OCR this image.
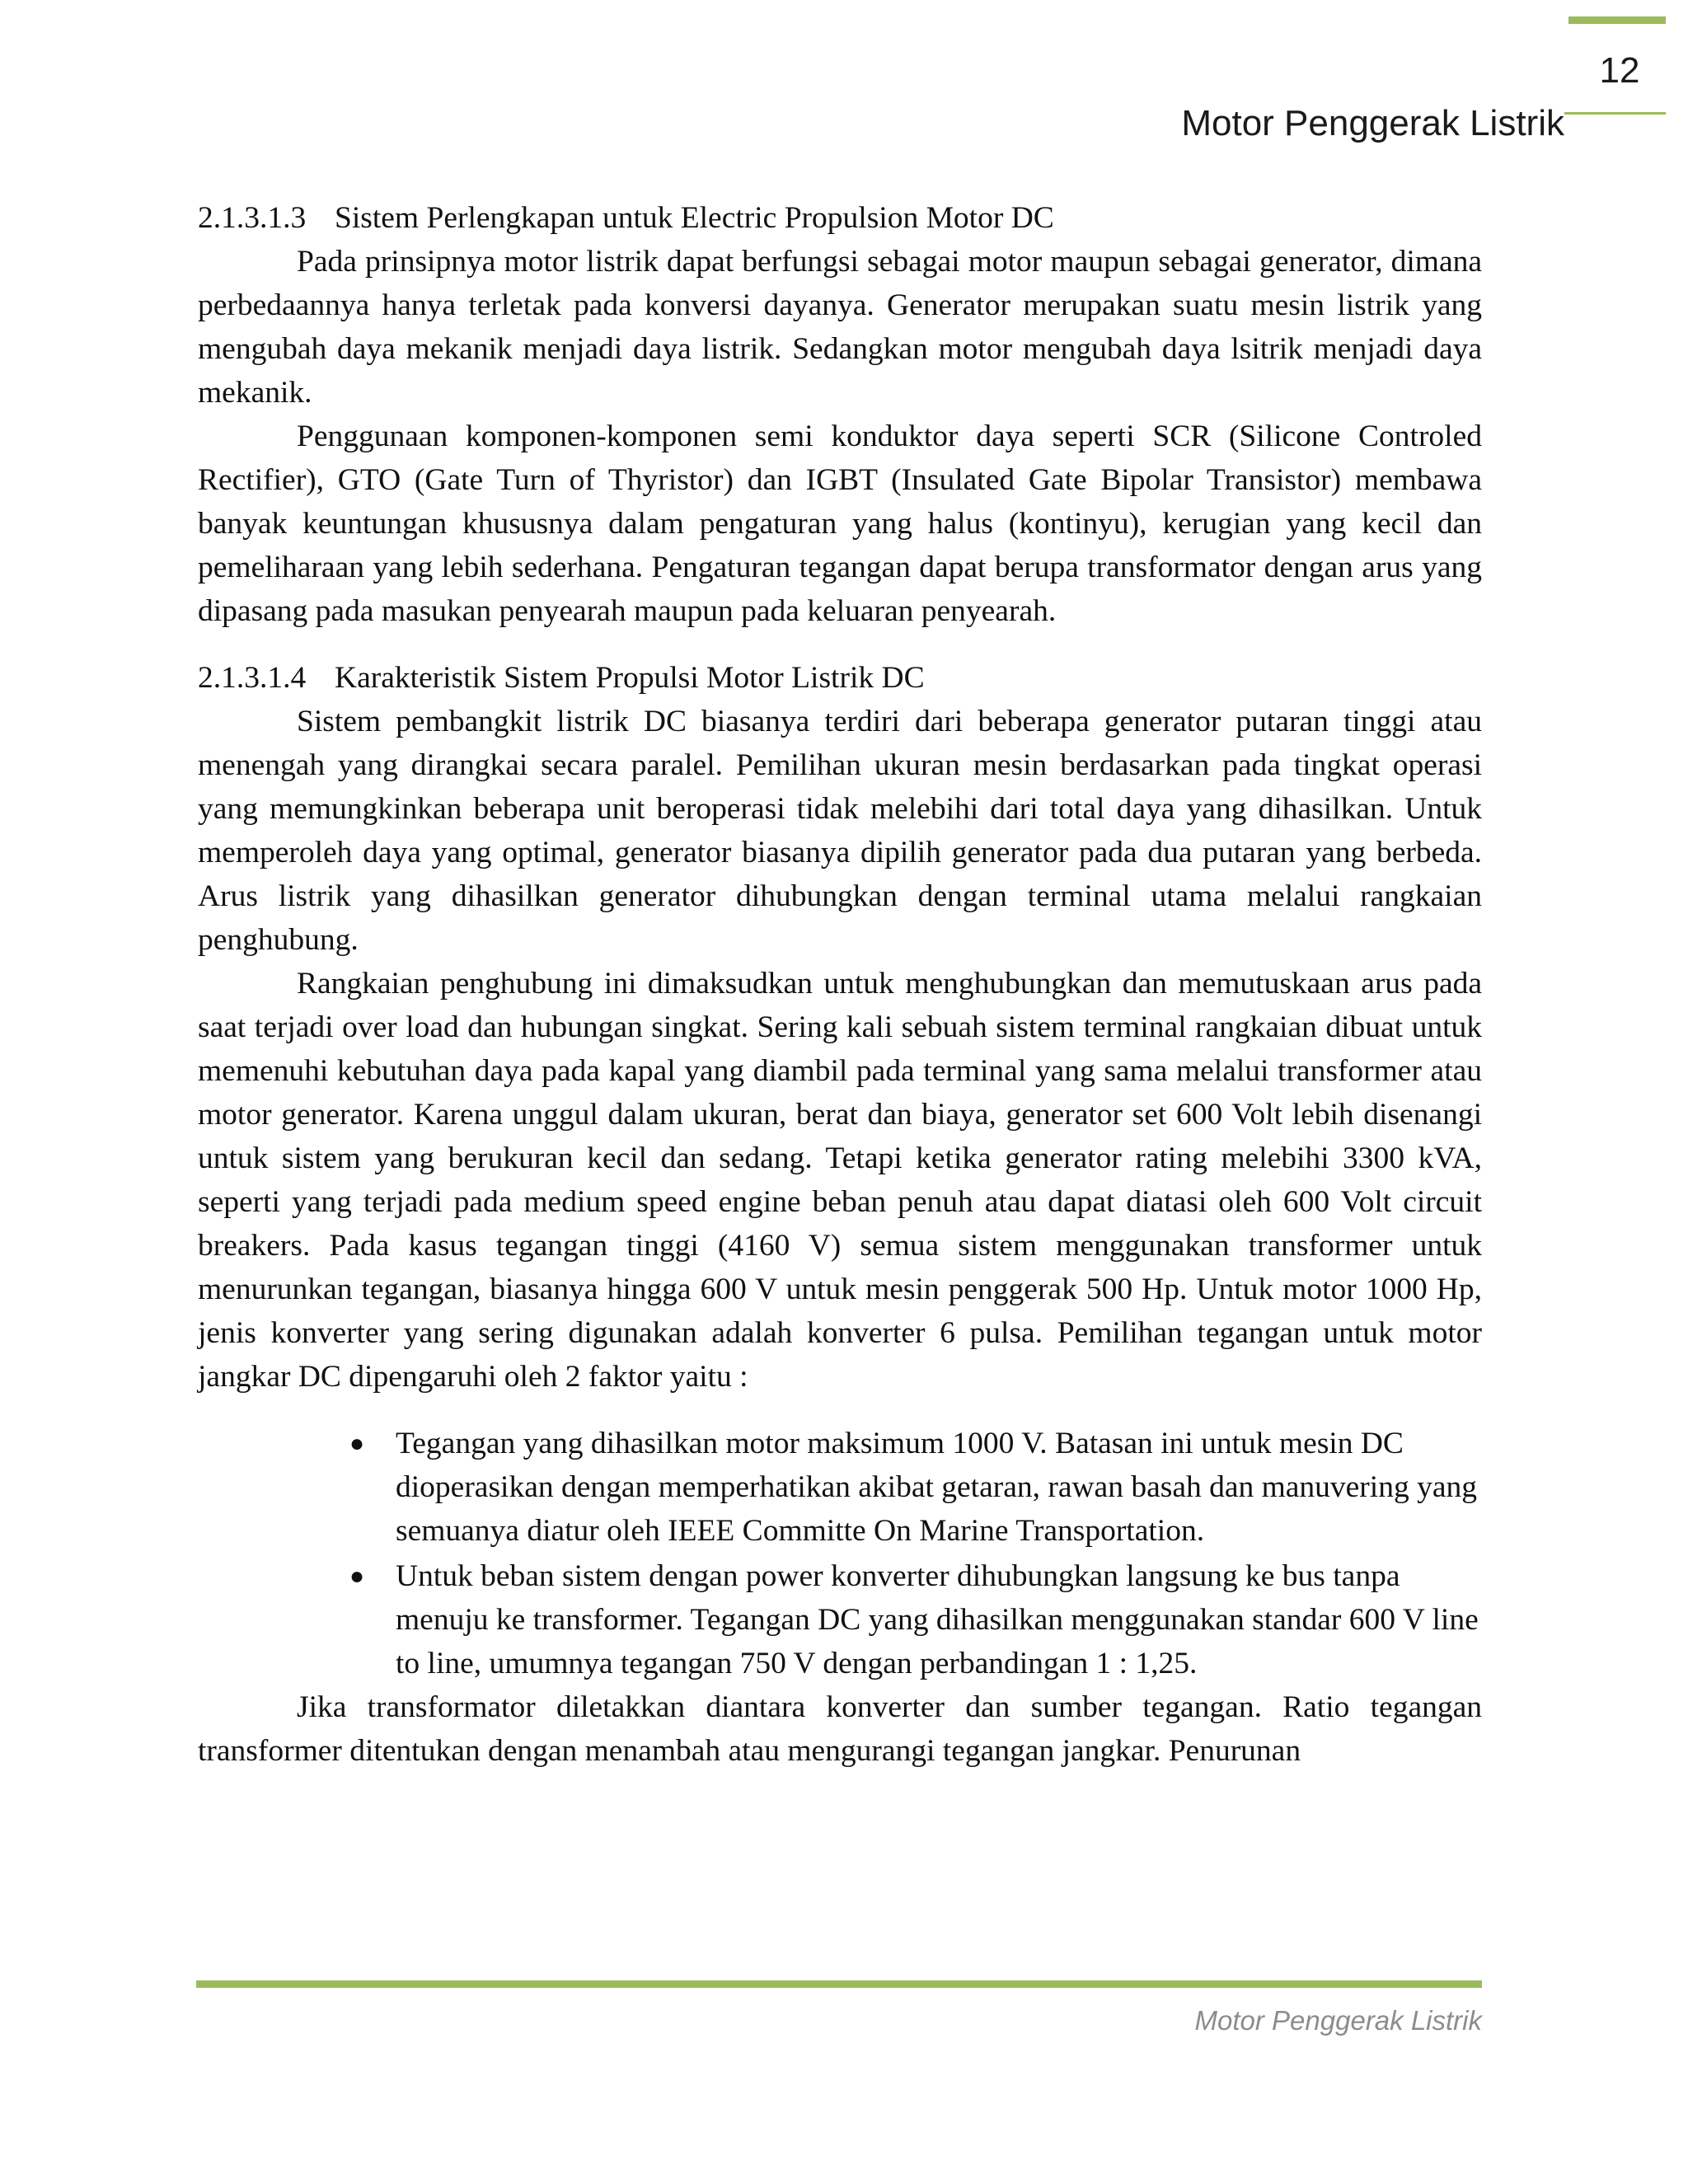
12
Motor Penggerak Listrik
2.1.3.1.3 Sistem Perlengkapan untuk Electric Propulsion Motor DC

Pada prinsipnya motor listrik dapat berfungsi sebagai motor maupun sebagai generator, dimana perbedaannya hanya terletak pada konversi dayanya. Generator merupakan suatu mesin listrik yang mengubah daya mekanik menjadi daya listrik. Sedangkan motor mengubah daya lsitrik menjadi daya mekanik.

Penggunaan komponen-komponen semi konduktor daya seperti SCR (Silicone Controled Rectifier), GTO (Gate Turn of Thyristor) dan IGBT (Insulated Gate Bipolar Transistor) membawa banyak keuntungan khususnya dalam pengaturan yang halus (kontinyu), kerugian yang kecil dan pemeliharaan yang lebih sederhana. Pengaturan tegangan dapat berupa transformator dengan arus yang dipasang pada masukan penyearah maupun pada keluaran penyearah.

2.1.3.1.4 Karakteristik Sistem Propulsi Motor Listrik DC

Sistem pembangkit listrik DC biasanya terdiri dari beberapa generator putaran tinggi atau menengah yang dirangkai secara paralel. Pemilihan ukuran mesin berdasarkan pada tingkat operasi yang memungkinkan beberapa unit beroperasi tidak melebihi dari total daya yang dihasilkan. Untuk memperoleh daya yang optimal, generator biasanya dipilih generator pada dua putaran yang berbeda. Arus listrik yang dihasilkan generator dihubungkan dengan terminal utama melalui rangkaian penghubung.

Rangkaian penghubung ini dimaksudkan untuk menghubungkan dan memutuskaan arus pada saat terjadi over load dan hubungan singkat. Sering kali sebuah sistem terminal rangkaian dibuat untuk memenuhi kebutuhan daya pada kapal yang diambil pada terminal yang sama melalui transformer atau motor generator. Karena unggul dalam ukuran, berat dan biaya, generator set 600 Volt lebih disenangi untuk sistem yang berukuran kecil dan sedang. Tetapi ketika generator rating melebihi 3300 kVA, seperti yang terjadi pada medium speed engine beban penuh atau dapat diatasi oleh 600 Volt circuit breakers. Pada kasus tegangan tinggi (4160 V) semua sistem menggunakan transformer untuk menurunkan tegangan, biasanya hingga 600 V untuk mesin penggerak 500 Hp. Untuk motor 1000 Hp, jenis konverter yang sering digunakan adalah konverter 6 pulsa. Pemilihan tegangan untuk motor jangkar DC dipengaruhi oleh 2 faktor yaitu :

● Tegangan yang dihasilkan motor maksimum 1000 V. Batasan ini untuk mesin DC dioperasikan dengan memperhatikan akibat getaran, rawan basah dan manuvering yang semuanya diatur oleh IEEE Committe On Marine Transportation.
● Untuk beban sistem dengan power konverter dihubungkan langsung ke bus tanpa menuju ke transformer. Tegangan DC yang dihasilkan menggunakan standar 600 V line to line, umumnya tegangan 750 V dengan perbandingan 1 : 1,25.

Jika transformator diletakkan diantara konverter dan sumber tegangan. Ratio tegangan transformer ditentukan dengan menambah atau mengurangi tegangan jangkar. Penurunan

Motor Penggerak Listrik
